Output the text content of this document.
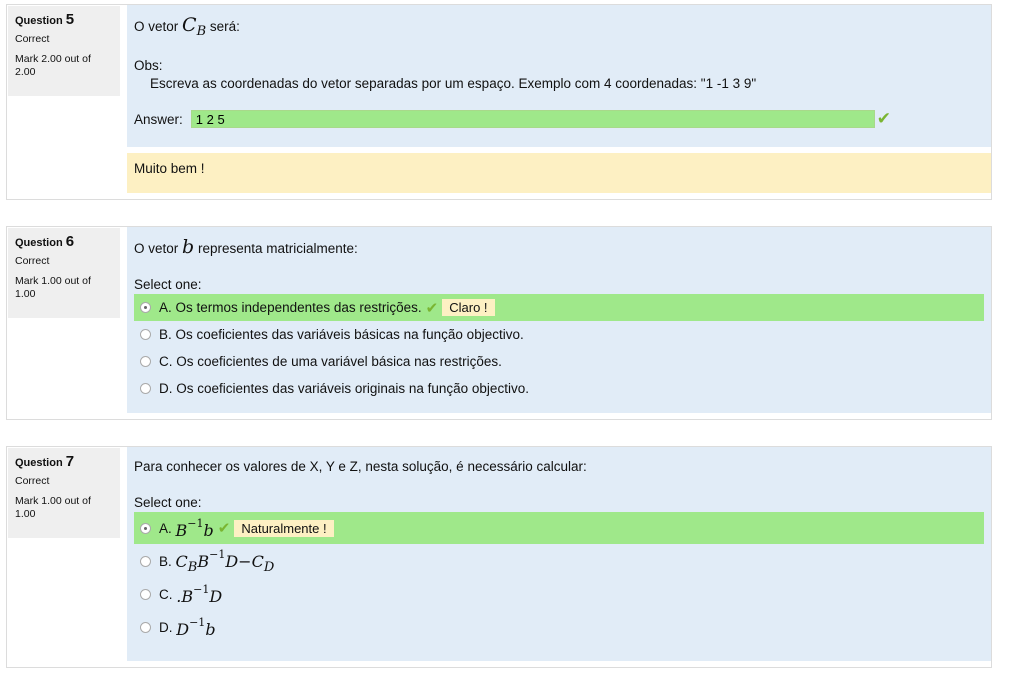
Question 5
Correct
Mark 2.00 out of 2.00
O vetor CB será:
Obs:
Escreva as coordenadas do vetor separadas por um espaço. Exemplo com 4 coordenadas: "1 -1 3 9"
Answer:
1 2 5	✔
Muito bem !
Question 6
Correct
Mark 1.00 out of 1.00
O vetor b representa matricialmente:
Select one:
A.
Os termos independentes das restrições. ✔ Claro !
B.
Os coeficientes das variáveis básicas na função objectivo.
C.
Os coeficientes de uma variável básica nas restrições.
D.
Os coeficientes das variáveis originais na função objectivo.
Question 7
Correct
Mark 1.00 out of 1.00
Para conhecer os valores de X, Y e Z, nesta solução, é necessário calcular:
Select one:
A.
$B^{-1}b$ ✔ Naturalmente !
B.
$C_BB^{-1}D-C_D$
C.
$.B^{-1}D$
D.
$D^{-1}b$
